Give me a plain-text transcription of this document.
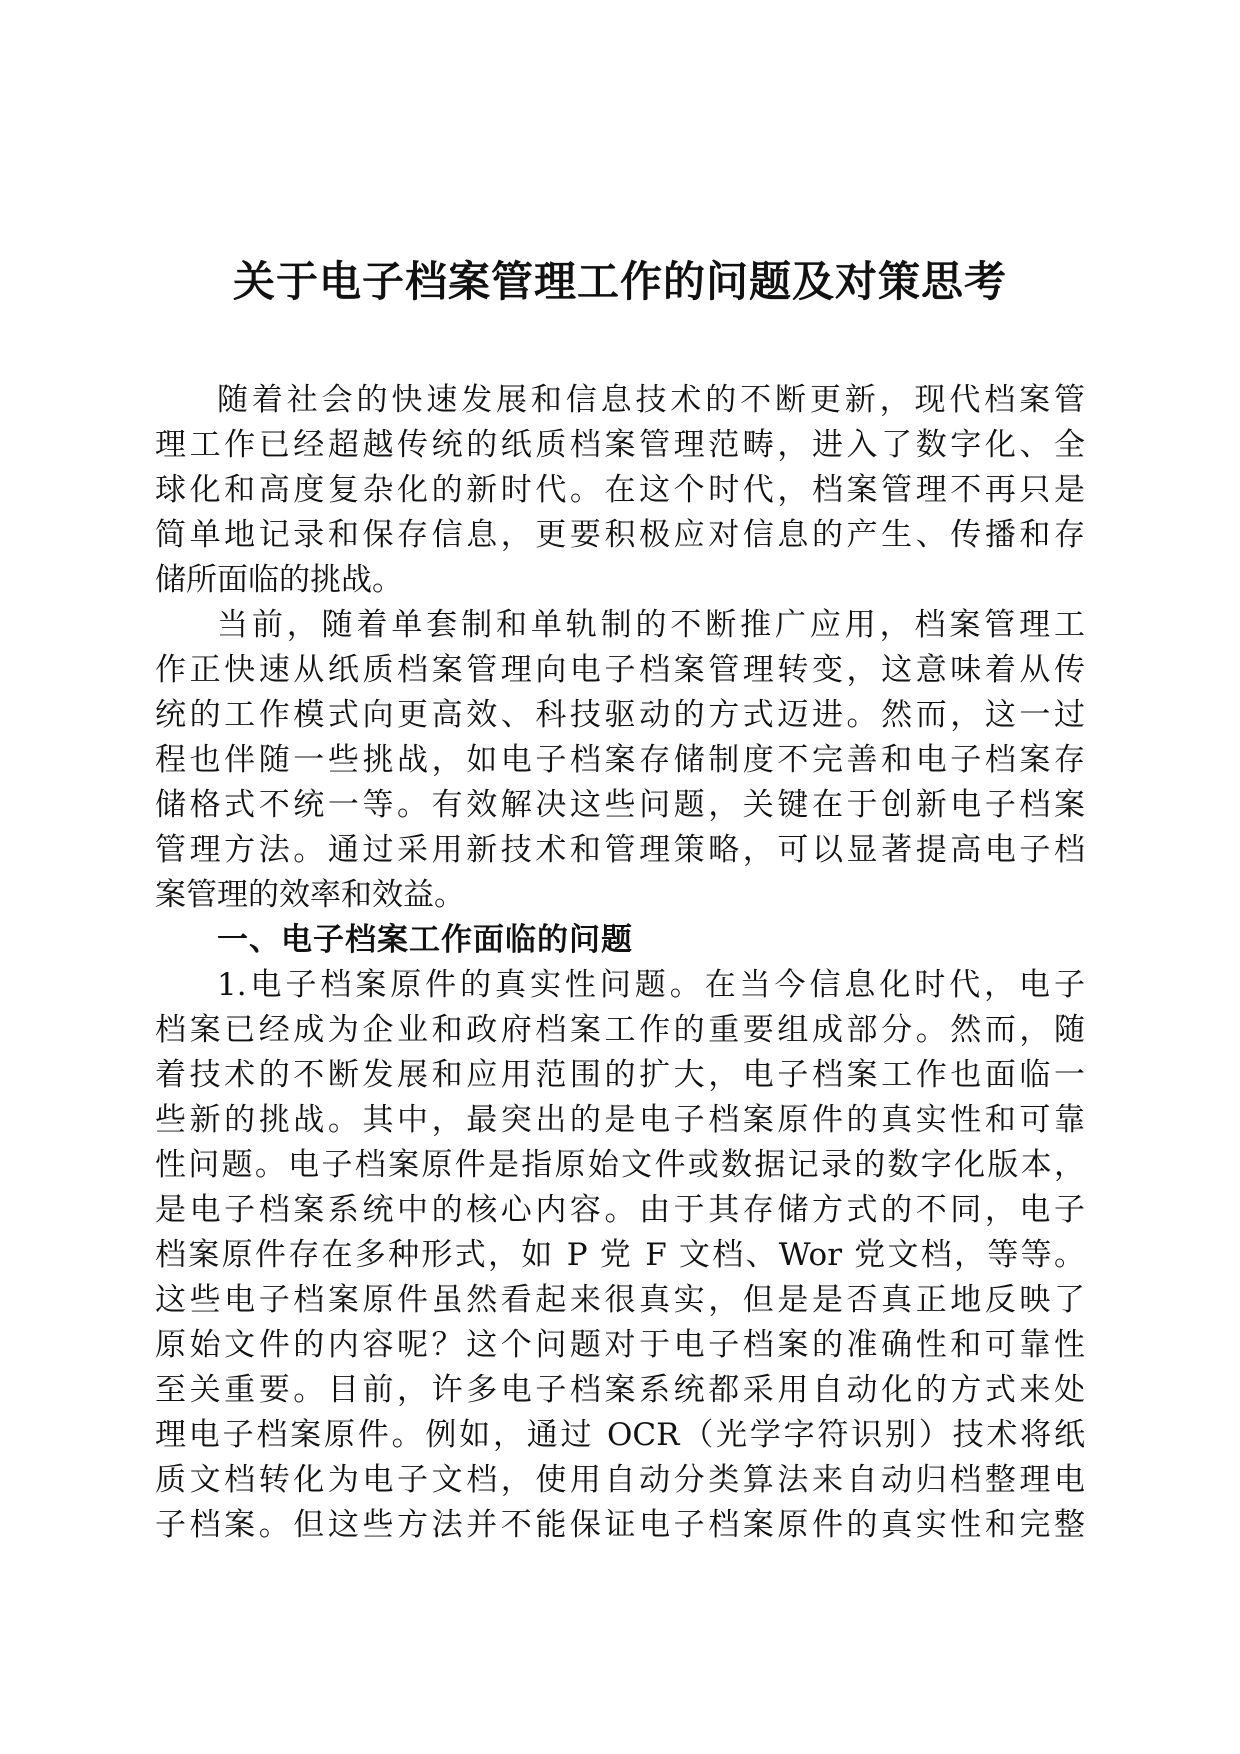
关于电子档案管理工作的问题及对策思考
随着社会的快速发展和信息技术的不断更新，现代档案管
理工作已经超越传统的纸质档案管理范畴，进入了数字化、全
球化和高度复杂化的新时代。在这个时代，档案管理不再只是
简单地记录和保存信息，更要积极应对信息的产生、传播和存
储所面临的挑战。
当前，随着单套制和单轨制的不断推广应用，档案管理工
作正快速从纸质档案管理向电子档案管理转变，这意味着从传
统的工作模式向更高效、科技驱动的方式迈进。然而，这一过
程也伴随一些挑战，如电子档案存储制度不完善和电子档案存
储格式不统一等。有效解决这些问题，关键在于创新电子档案
管理方法。通过采用新技术和管理策略，可以显著提高电子档
案管理的效率和效益。
一、电子档案工作面临的问题
1.电子档案原件的真实性问题。在当今信息化时代，电子
档案已经成为企业和政府档案工作的重要组成部分。然而，随
着技术的不断发展和应用范围的扩大，电子档案工作也面临一
些新的挑战。其中，最突出的是电子档案原件的真实性和可靠
性问题。电子档案原件是指原始文件或数据记录的数字化版本，
是电子档案系统中的核心内容。由于其存储方式的不同，电子
档案原件存在多种形式，如 P 党 F 文档、Wor 党文档，等等。
这些电子档案原件虽然看起来很真实，但是是否真正地反映了
原始文件的内容呢？这个问题对于电子档案的准确性和可靠性
至关重要。目前，许多电子档案系统都采用自动化的方式来处
理电子档案原件。例如，通过 OCR（光学字符识别）技术将纸
质文档转化为电子文档，使用自动分类算法来自动归档整理电
子档案。但这些方法并不能保证电子档案原件的真实性和完整
